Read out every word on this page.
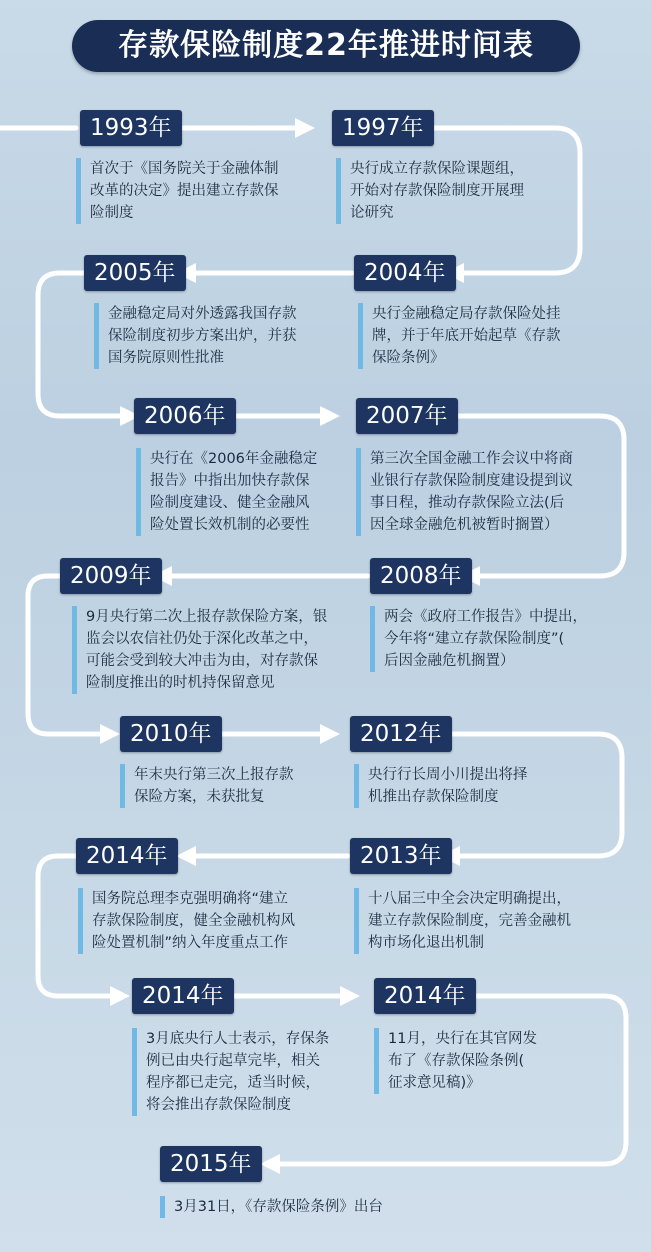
存款保险制度22年推进时间表
1993年
首次于《国务院关于金融体制
改革的决定》提出建立存款保
险制度
1997年
央行成立存款保险课题组，
开始对存款保险制度开展理
论研究
2005年
金融稳定局对外透露我国存款
保险制度初步方案出炉，并获
国务院原则性批准
2004年
央行金融稳定局存款保险处挂
牌，并于年底开始起草《存款
保险条例》
2006年
央行在《2006年金融稳定
报告》中指出加快存款保
险制度建设、健全金融风
险处置长效机制的必要性
2007年
第三次全国金融工作会议中将商
业银行存款保险制度建设提到议
事日程，推动存款保险立法(后
因全球金融危机被暂时搁置）
2009年
9月央行第二次上报存款保险方案，银
监会以农信社仍处于深化改革之中，
可能会受到较大冲击为由，对存款保
险制度推出的时机持保留意见
2008年
两会《政府工作报告》中提出，
今年将“建立存款保险制度”(
后因金融危机搁置）
2010年
年末央行第三次上报存款
保险方案，未获批复
2012年
央行行长周小川提出将择
机推出存款保险制度
2014年
国务院总理李克强明确将“建立
存款保险制度，健全金融机构风
险处置机制”纳入年度重点工作
2013年
十八届三中全会决定明确提出，
建立存款保险制度，完善金融机
构市场化退出机制
2014年
3月底央行人士表示，存保条
例已由央行起草完毕，相关
程序都已走完，适当时候，
将会推出存款保险制度
2014年
11月，央行在其官网发
布了《存款保险条例(
征求意见稿)》
2015年
3月31日，《存款保险条例》出台
